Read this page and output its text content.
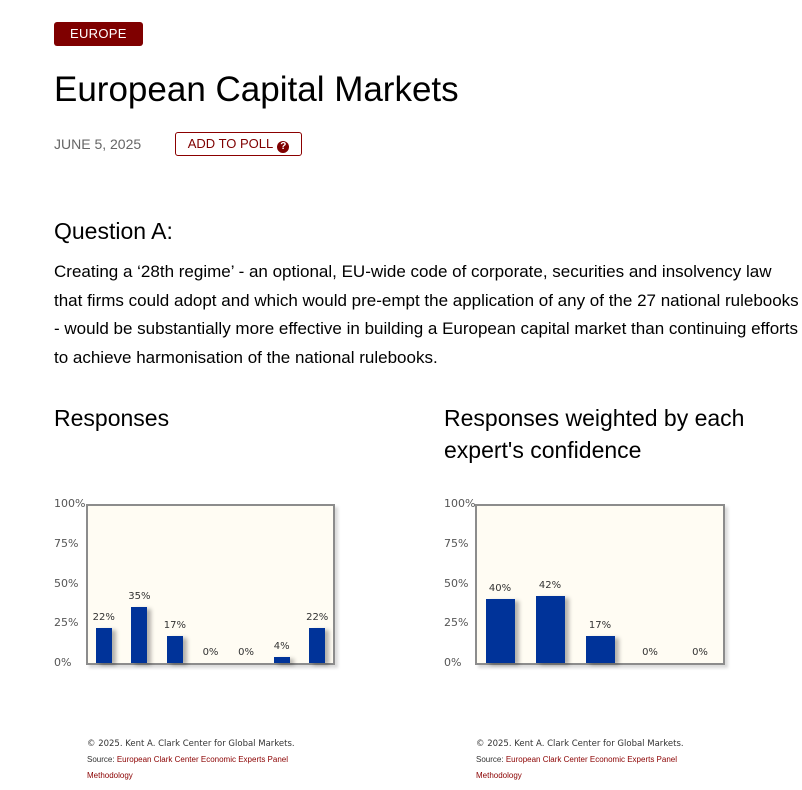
EUROPE
European Capital Markets
JUNE 5, 2025	ADD TO POLL ?
Question A:

Creating a ‘28th regime’ - an optional, EU-wide code of corporate, securities and insolvency law that firms could adopt and which would pre-empt the application of any of the 27 national rulebooks - would be substantially more effective in building a European capital market than continuing efforts to achieve harmonisation of the national rulebooks.

Responses	Responses weighted by each
expert's confidence
100%
75%
50%
25%
0%
22%
35%
17%
0%	0%
4%
22%
100%
75%
50%
25%
0%
40%	42%
17%
0%	0%
© 2025. Kent A. Clark Center for Global Markets.
Source: European Clark Center Economic Experts Panel
Methodology
© 2025. Kent A. Clark Center for Global Markets.
Source: European Clark Center Economic Experts Panel
Methodology
